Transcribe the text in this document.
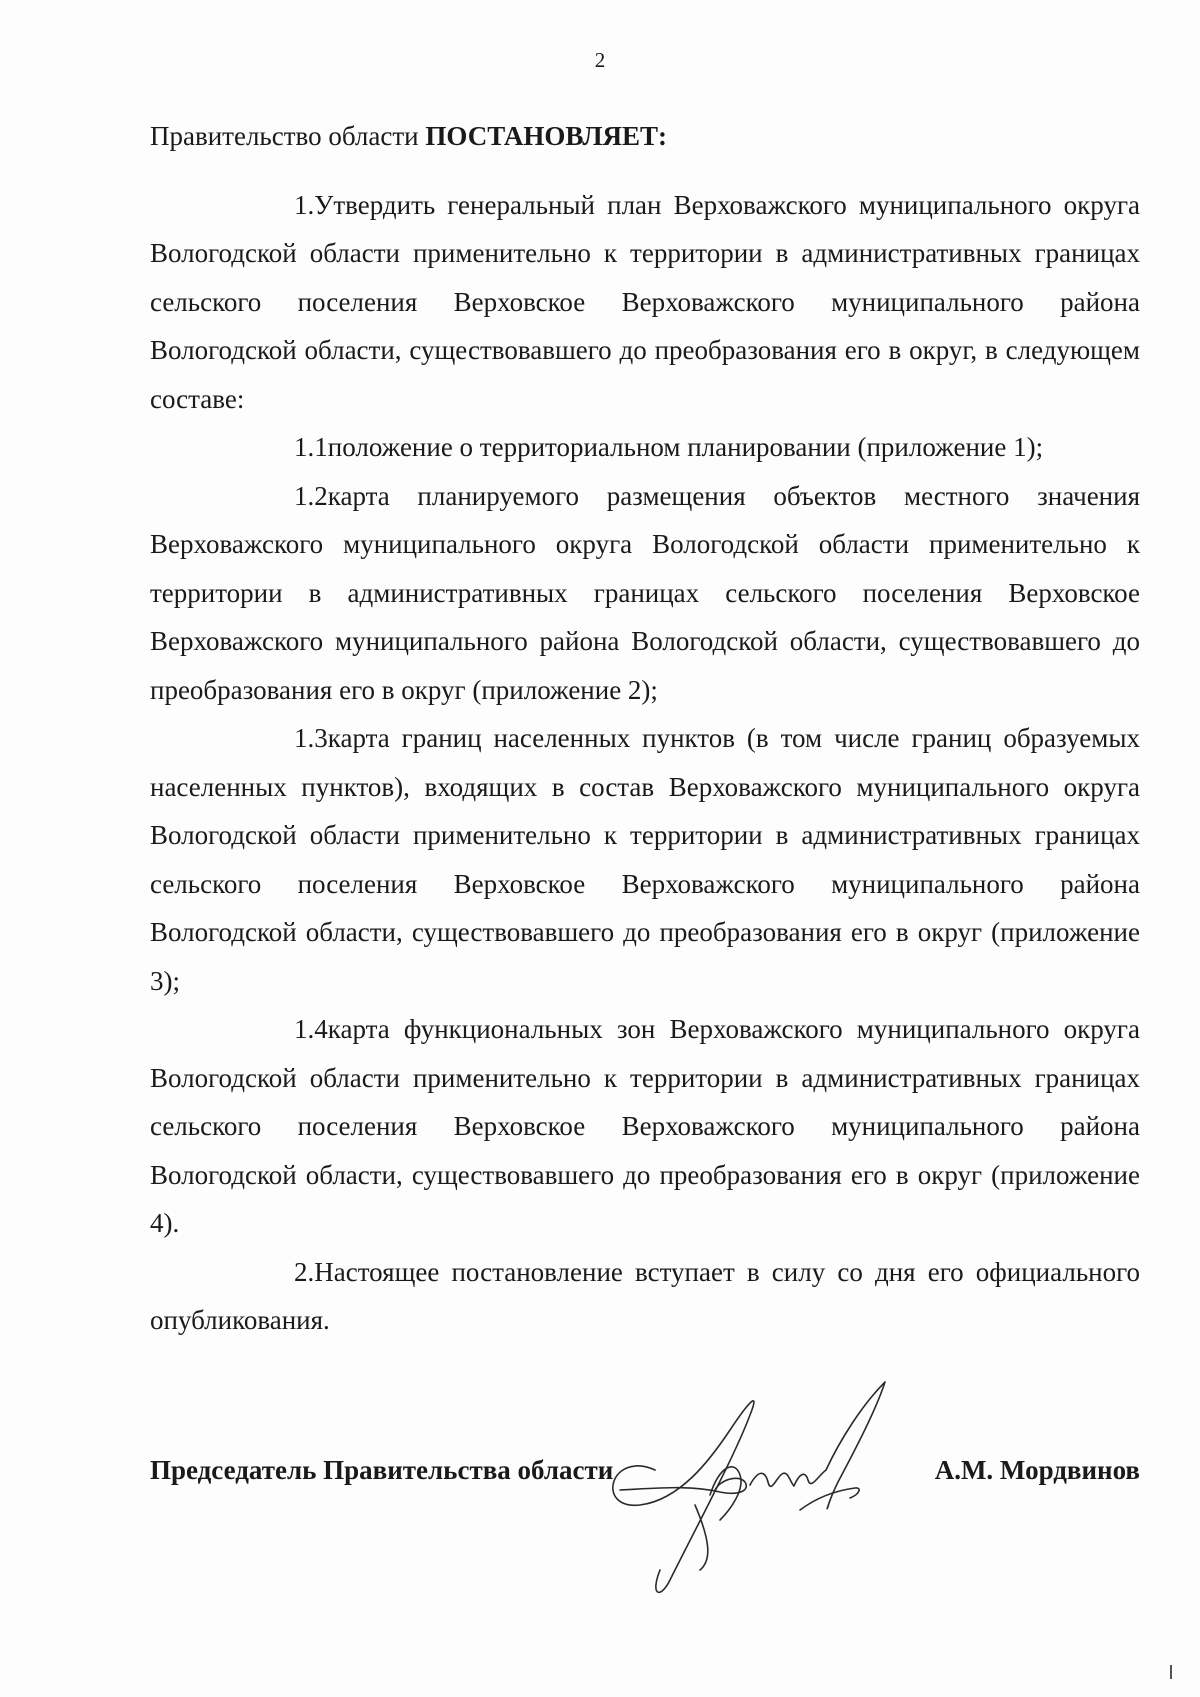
2

Правительство области ПОСТАНОВЛЯЕТ:

1.Утвердить генеральный план Верховажского муниципального округа Вологодской области применительно к территории в административных границах сельского поселения Верховское Верховажского муниципального района Вологодской области, существовавшего до преобразования его в округ, в следующем составе:

1.1положение о территориальном планировании (приложение 1);

1.2карта планируемого размещения объектов местного значения Верховажского муниципального округа Вологодской области применительно к территории в административных границах сельского поселения Верховское Верховажского муниципального района Вологодской области, существовавшего до преобразования его в округ (приложение 2);

1.3карта границ населенных пунктов (в том числе границ образуемых населенных пунктов), входящих в состав Верховажского муниципального округа Вологодской области применительно к территории в административных границах сельского поселения Верховское Верховажского муниципального района Вологодской области, существовавшего до преобразования его в округ (приложение 3);

1.4карта функциональных зон Верховажского муниципального округа Вологодской области применительно к территории в административных границах сельского поселения Верховское Верховажского муниципального района Вологодской области, существовавшего до преобразования его в округ (приложение 4).

2.Настоящее постановление вступает в силу со дня его официального опубликования.

Председатель Правительства области	А.М. Мордвинов
